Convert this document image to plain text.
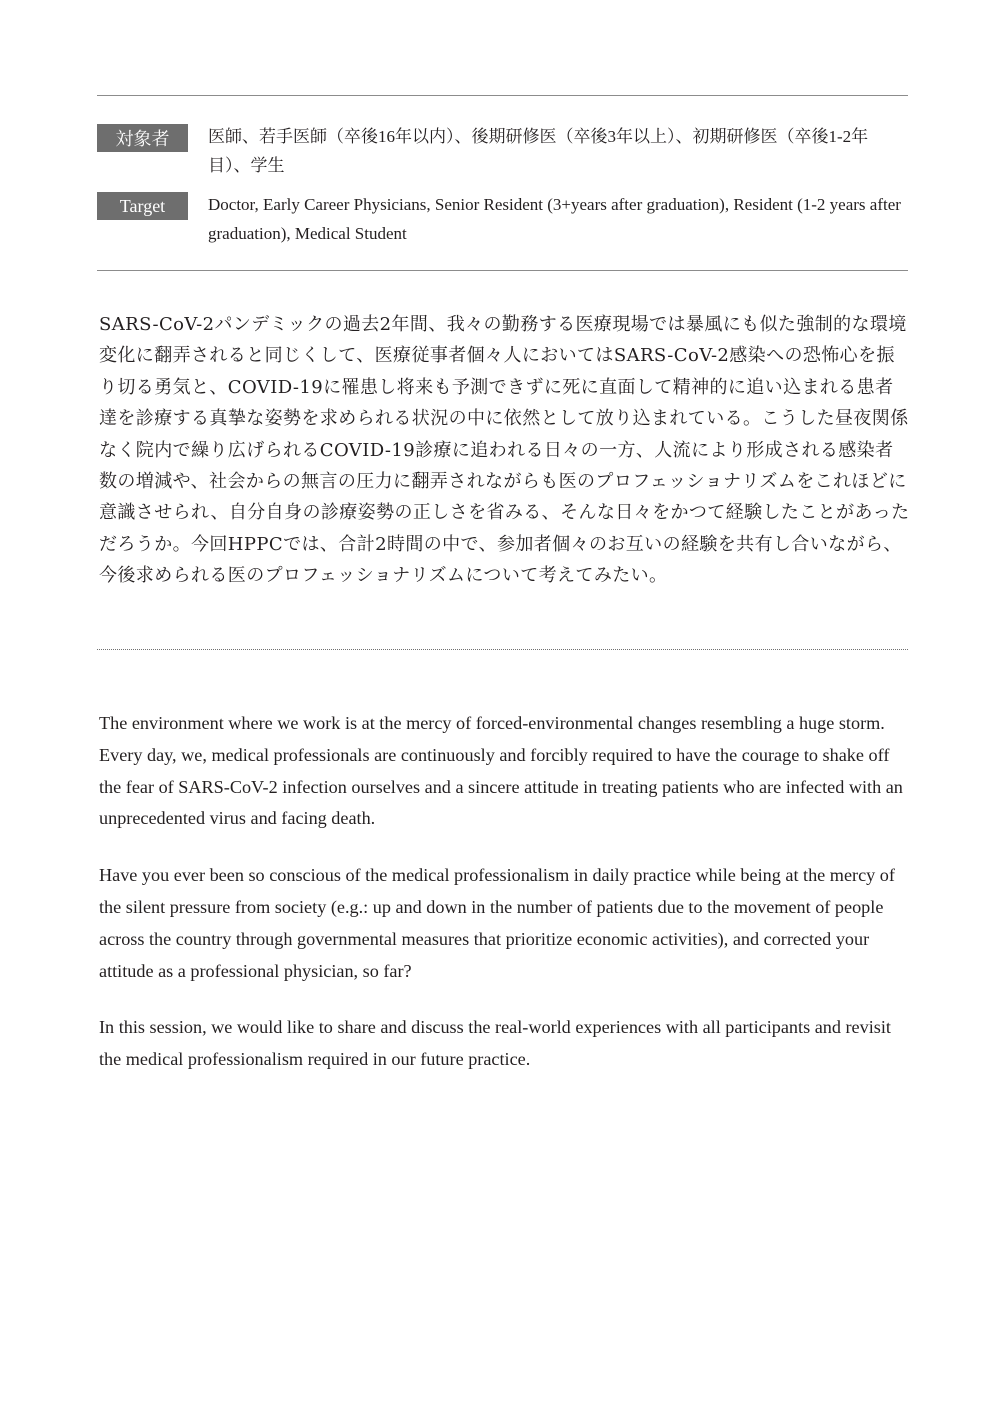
対象者	医師、若手医師（卒後16年以内）、後期研修医（卒後3年以上）、初期研修医（卒後1-2年目）、学生
Target	Doctor, Early Career Physicians, Senior Resident (3+years after graduation), Resident (1-2 years after graduation), Medical Student
SARS-CoV-2パンデミックの過去2年間、我々の勤務する医療現場では暴風にも似た強制的な環境変化に翻弄されると同じくして、医療従事者個々人においてはSARS-CoV-2感染への恐怖心を振り切る勇気と、COVID-19に罹患し将来も予測できずに死に直面して精神的に追い込まれる患者達を診療する真摯な姿勢を求められる状況の中に依然として放り込まれている。こうした昼夜関係なく院内で繰り広げられるCOVID-19診療に追われる日々の一方、人流により形成される感染者数の増減や、社会からの無言の圧力に翻弄されながらも医のプロフェッショナリズムをこれほどに意識させられ、自分自身の診療姿勢の正しさを省みる、そんな日々をかつて経験したことがあっただろうか。今回HPPCでは、合計2時間の中で、参加者個々のお互いの経験を共有し合いながら、今後求められる医のプロフェッショナリズムについて考えてみたい。

The environment where we work is at the mercy of forced-environmental changes resembling a huge storm. Every day, we, medical professionals are continuously and forcibly required to have the courage to shake off the fear of SARS-CoV-2 infection ourselves and a sincere attitude in treating patients who are infected with an unprecedented virus and facing death.

Have you ever been so conscious of the medical professionalism in daily practice while being at the mercy of the silent pressure from society (e.g.: up and down in the number of patients due to the movement of people across the country through governmental measures that prioritize economic activities), and corrected your attitude as a professional physician, so far?

In this session, we would like to share and discuss the real-world experiences with all participants and revisit the medical professionalism required in our future practice.
